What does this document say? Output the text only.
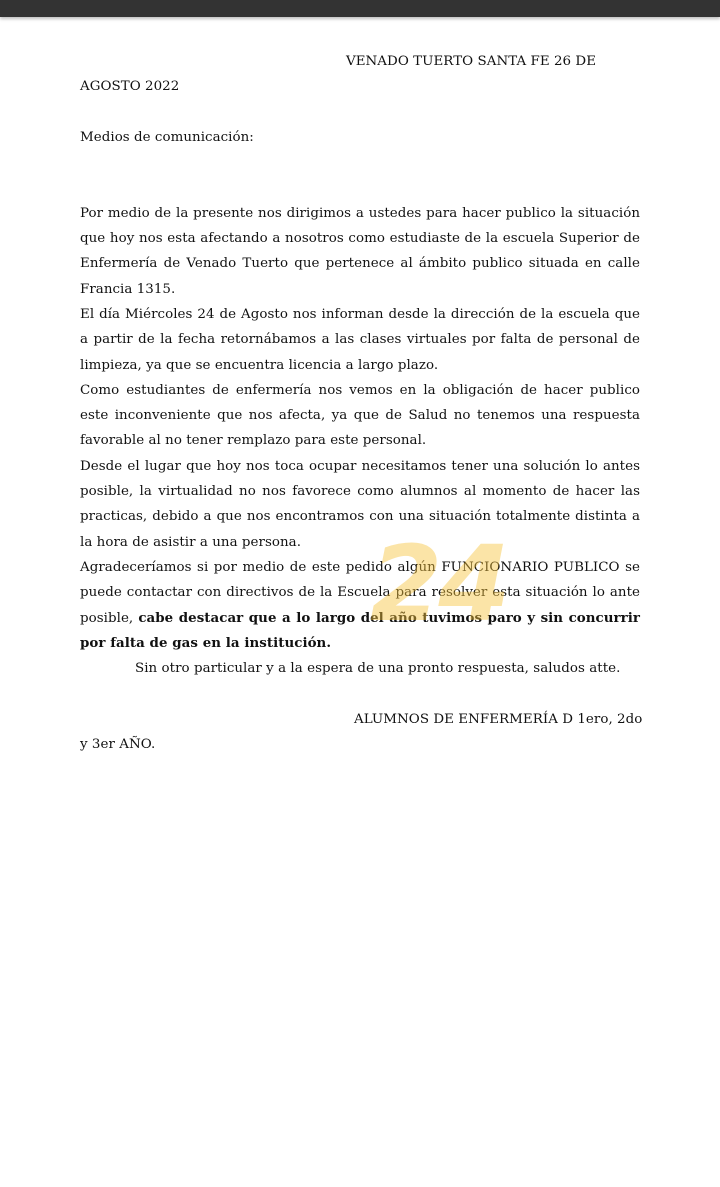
VENADO TUERTO SANTA FE 26 DE
AGOSTO 2022
Medios de comunicación:
Por medio de la presente nos dirigimos a ustedes para hacer publico la situación
que hoy nos esta afectando a nosotros como estudiaste de la escuela Superior de
Enfermería de Venado Tuerto que pertenece al ámbito publico situada en calle
Francia 1315.
El día Miércoles 24 de Agosto nos informan desde la dirección de la escuela que
a partir de la fecha retornábamos a las clases virtuales por falta de personal de
limpieza, ya que se encuentra licencia a largo plazo.
Como estudiantes de enfermería nos vemos en la obligación de hacer publico
este inconveniente que nos afecta, ya que de Salud no tenemos una respuesta
favorable al no tener remplazo para este personal.
Desde el lugar que hoy nos toca ocupar necesitamos tener una solución lo antes
posible, la virtualidad no nos favorece como alumnos al momento de hacer las
practicas, debido a que nos encontramos con una situación totalmente distinta a
la hora de asistir a una persona.
Agradeceríamos si por medio de este pedido algún FUNCIONARIO PUBLICO se
puede contactar con directivos de la Escuela para resolver esta situación lo ante
posible, cabe destacar que a lo largo del año tuvimos paro y sin concurrir
por falta de gas en la institución.
Sin otro particular y a la espera de una pronto respuesta, saludos atte.
ALUMNOS DE ENFERMERÍA D 1ero, 2do
y 3er AÑO.
24
